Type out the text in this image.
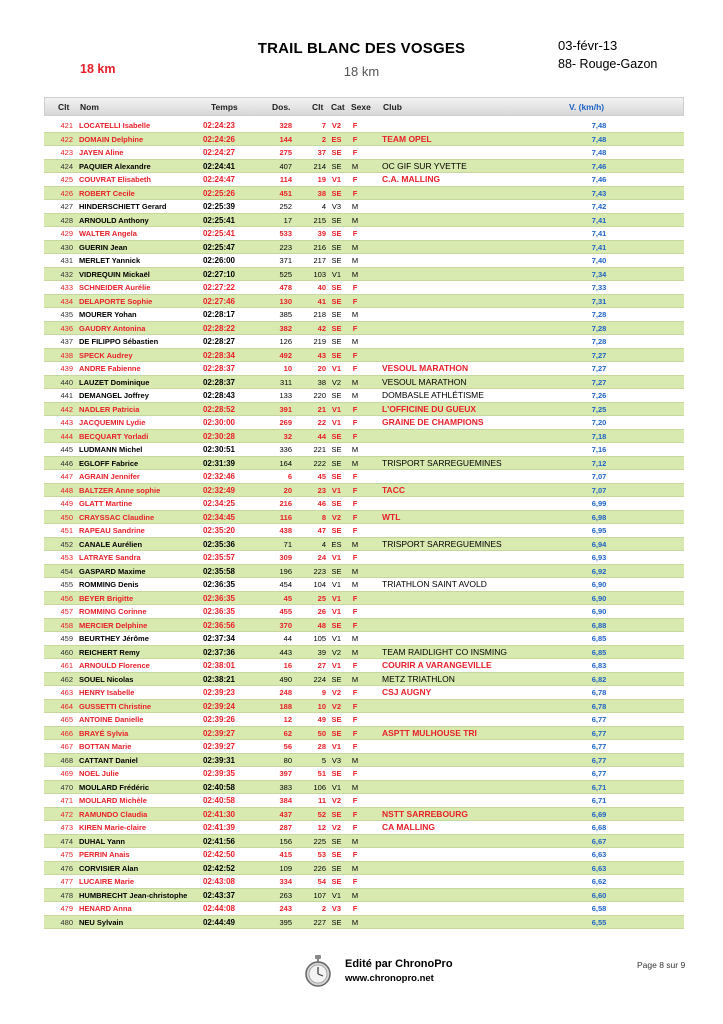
TRAIL BLANC DES VOSGES	03-févr-13
88- Rouge-Gazon
18 km	18 km
Clt Nom	Temps	Dos.	Clt Cat Sexe Club	V. (km/h)
421 LOCATELLI Isabelle	02:24:23	328	7 V2	F	7,48
422 DOMAIN Delphine	02:24:26	144	2 ES	F	TEAM OPEL	7,48
423 JAYEN Aline	02:24:27	275	37 SE	F	7,48
424 PAQUIER Alexandre	02:24:41	407	214 SE	M	OC GIF SUR YVETTE	7,46
425 COUVRAT Elisabeth	02:24:47	114	19 V1	F	C.A. MALLING	7,46
426 ROBERT Cecile	02:25:26	451	38 SE	F	7,43
427 HINDERSCHIETT Gerard	02:25:39	252	4 V3	M	7,42
428 ARNOULD Anthony	02:25:41	17	215 SE	M	7,41
429 WALTER Angela	02:25:41	533	39 SE	F	7,41
430 GUERIN Jean	02:25:47	223	216 SE	M	7,41
431 MERLET Yannick	02:26:00	371	217 SE	M	7,40
432 VIDREQUIN Mickaël	02:27:10	525	103 V1	M	7,34
433 SCHNEIDER Aurélie	02:27:22	478	40 SE	F	7,33
434 DELAPORTE Sophie	02:27:46	130	41 SE	F	7,31
435 MOURER Yohan	02:28:17	385	218 SE	M	7,28
436 GAUDRY Antonina	02:28:22	382	42 SE	F	7,28
437 DE FILIPPO Sébastien	02:28:27	126	219 SE	M	7,28
438 SPECK Audrey	02:28:34	492	43 SE	F	7,27
439 ANDRE Fabienne	02:28:37	10	20 V1	F	VESOUL MARATHON	7,27
440 LAUZET Dominique	02:28:37	311	38 V2	M	VESOUL MARATHON	7,27
441 DEMANGEL Joffrey	02:28:43	133	220 SE	M	DOMBASLE ATHLÉTISME	7,26
442 NADLER Patricia	02:28:52	391	21 V1	F	L'OFFICINE DU GUEUX	7,25
443 JACQUEMIN Lydie	02:30:00	269	22 V1	F	GRAINE DE CHAMPIONS	7,20
444 BECQUART Yorladi	02:30:28	32	44 SE	F	7,18
445 LUDMANN Michel	02:30:51	336	221 SE	M	7,16
446 EGLOFF Fabrice	02:31:39	164	222 SE	M	TRISPORT SARREGUEMINES	7,12
447 AGRAIN Jennifer	02:32:46	6	45 SE	F	7,07
448 BALTZER Anne sophie	02:32:49	20	23 V1	F	TACC	7,07
449 GLATT Martine	02:34:25	216	46 SE	F	6,99
450 CRAYSSAC Claudine	02:34:45	116	8 V2	F	WTL	6,98
451 RAPEAU Sandrine	02:35:20	438	47 SE	F	6,95
452 CANALE Aurélien	02:35:36	71	4 ES	M	TRISPORT SARREGUEMINES	6,94
453 LATRAYE Sandra	02:35:57	309	24 V1	F	6,93
454 GASPARD Maxime	02:35:58	196	223 SE	M	6,92
455 ROMMING Denis	02:36:35	454	104 V1	M	TRIATHLON SAINT AVOLD	6,90
456 BEYER Brigitte	02:36:35	45	25 V1	F	6,90
457 ROMMING Corinne	02:36:35	455	26 V1	F	6,90
458 MERCIER Delphine	02:36:56	370	48 SE	F	6,88
459 BEURTHEY Jérôme	02:37:34	44	105 V1	M	6,85
460 REICHERT Remy	02:37:36	443	39 V2	M	TEAM RAIDLIGHT CO INSMING	6,85
461 ARNOULD Florence	02:38:01	16	27 V1	F	COURIR A VARANGEVILLE	6,83
462 SOUEL Nicolas	02:38:21	490	224 SE	M	METZ TRIATHLON	6,82
463 HENRY Isabelle	02:39:23	248	9 V2	F	CSJ AUGNY	6,78
464 GUSSETTI Christine	02:39:24	188	10 V2	F	6,78
465 ANTOINE Danielle	02:39:26	12	49 SE	F	6,77
466 BRAYÉ Sylvia	02:39:27	62	50 SE	F	ASPTT MULHOUSE TRI	6,77
467 BOTTAN Marie	02:39:27	56	28 V1	F	6,77
468 CATTANT Daniel	02:39:31	80	5 V3	M	6,77
469 NOEL Julie	02:39:35	397	51 SE	F	6,77
470 MOULARD Frédéric	02:40:58	383	106 V1	M	6,71
471 MOULARD Michèle	02:40:58	384	11 V2	F	6,71
472 RAMUNDO Claudia	02:41:30	437	52 SE	F	NSTT SARREBOURG	6,69
473 KIREN Marie-claire	02:41:39	287	12 V2	F	CA MALLING	6,68
474 DUHAL Yann	02:41:56	156	225 SE	M	6,67
475 PERRIN Anais	02:42:50	415	53 SE	F	6,63
476 CORVISIER Alan	02:42:52	109	226 SE	M	6,63
477 LUCAIRE Marie	02:43:08	334	54 SE	F	6,62
478 HUMBRECHT Jean-christophe	02:43:37	263	107 V1	M	6,60
479 HENARD Anna	02:44:08	243	2 V3	F	6,58
480 NEU Sylvain	02:44:49	395	227 SE	M	6,55
Edité par ChronoPro
www.chronopro.net
Page 8 sur 9
